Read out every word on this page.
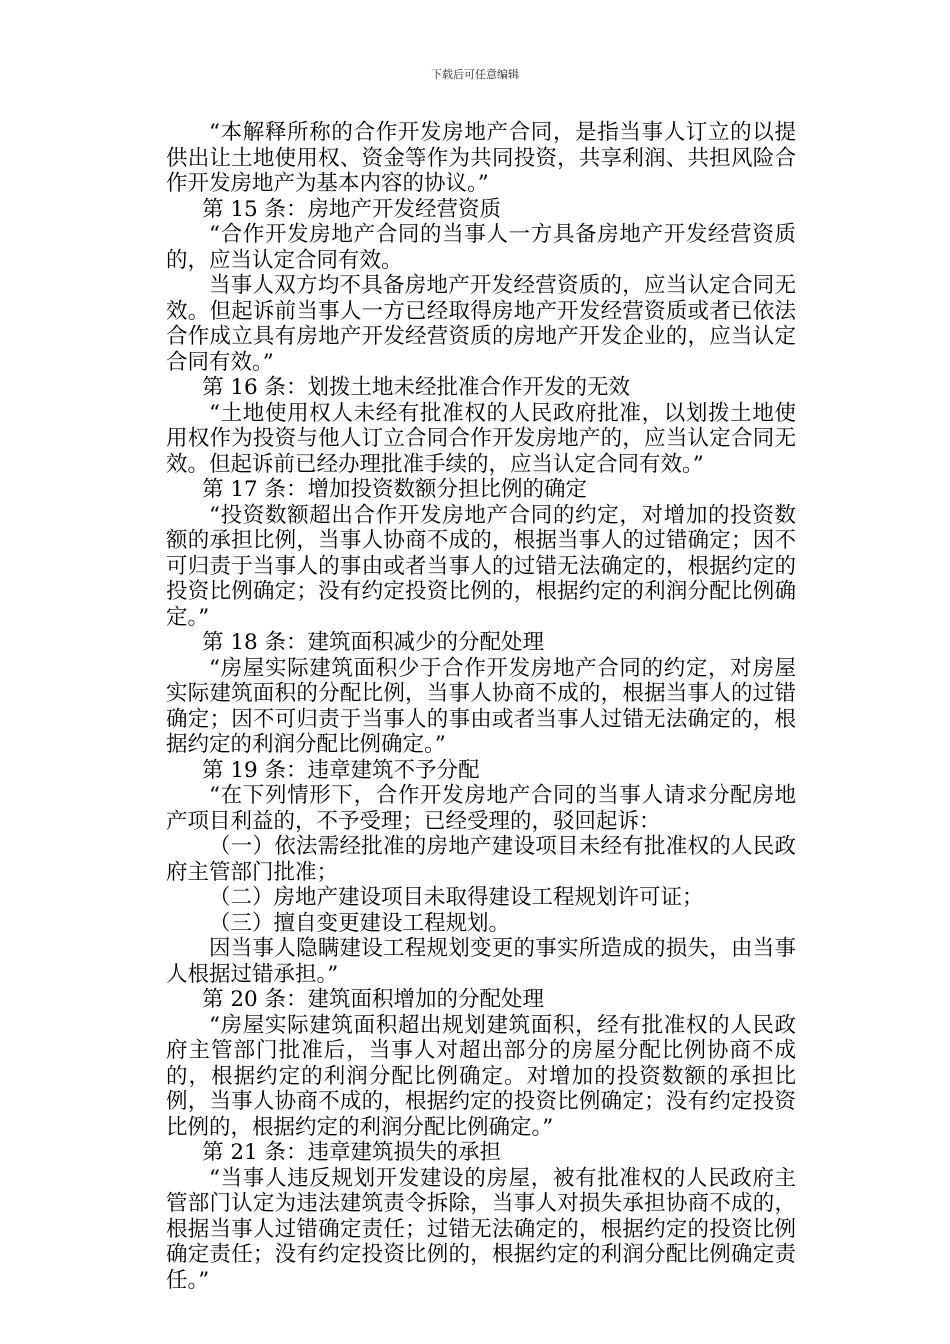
下载后可任意编辑

“本解释所称的合作开发房地产合同，是指当事人订立的以提供出让土地使用权、资金等作为共同投资，共享利润、共担风险合作开发房地产为基本内容的协议。”

第 15 条：房地产开发经营资质

“合作开发房地产合同的当事人一方具备房地产开发经营资质的，应当认定合同有效。

当事人双方均不具备房地产开发经营资质的，应当认定合同无效。但起诉前当事人一方已经取得房地产开发经营资质或者已依法合作成立具有房地产开发经营资质的房地产开发企业的，应当认定合同有效。”

第 16 条：划拨土地未经批准合作开发的无效

“土地使用权人未经有批准权的人民政府批准，以划拨土地使用权作为投资与他人订立合同合作开发房地产的，应当认定合同无效。但起诉前已经办理批准手续的，应当认定合同有效。”

第 17 条：增加投资数额分担比例的确定

“投资数额超出合作开发房地产合同的约定，对增加的投资数额的承担比例，当事人协商不成的，根据当事人的过错确定；因不可归责于当事人的事由或者当事人的过错无法确定的，根据约定的投资比例确定；没有约定投资比例的，根据约定的利润分配比例确定。”

第 18 条：建筑面积减少的分配处理

“房屋实际建筑面积少于合作开发房地产合同的约定，对房屋实际建筑面积的分配比例，当事人协商不成的，根据当事人的过错确定；因不可归责于当事人的事由或者当事人过错无法确定的，根据约定的利润分配比例确定。”

第 19 条：违章建筑不予分配

“在下列情形下，合作开发房地产合同的当事人请求分配房地产项目利益的，不予受理；已经受理的，驳回起诉：

（一）依法需经批准的房地产建设项目未经有批准权的人民政府主管部门批准；

（二）房地产建设项目未取得建设工程规划许可证；

（三）擅自变更建设工程规划。

因当事人隐瞒建设工程规划变更的事实所造成的损失，由当事人根据过错承担。”

第 20 条：建筑面积增加的分配处理

“房屋实际建筑面积超出规划建筑面积，经有批准权的人民政府主管部门批准后，当事人对超出部分的房屋分配比例协商不成的，根据约定的利润分配比例确定。对增加的投资数额的承担比例，当事人协商不成的，根据约定的投资比例确定；没有约定投资比例的，根据约定的利润分配比例确定。”

第 21 条：违章建筑损失的承担

“当事人违反规划开发建设的房屋，被有批准权的人民政府主管部门认定为违法建筑责令拆除，当事人对损失承担协商不成的，根据当事人过错确定责任；过错无法确定的，根据约定的投资比例确定责任；没有约定投资比例的，根据约定的利润分配比例确定责任。”
